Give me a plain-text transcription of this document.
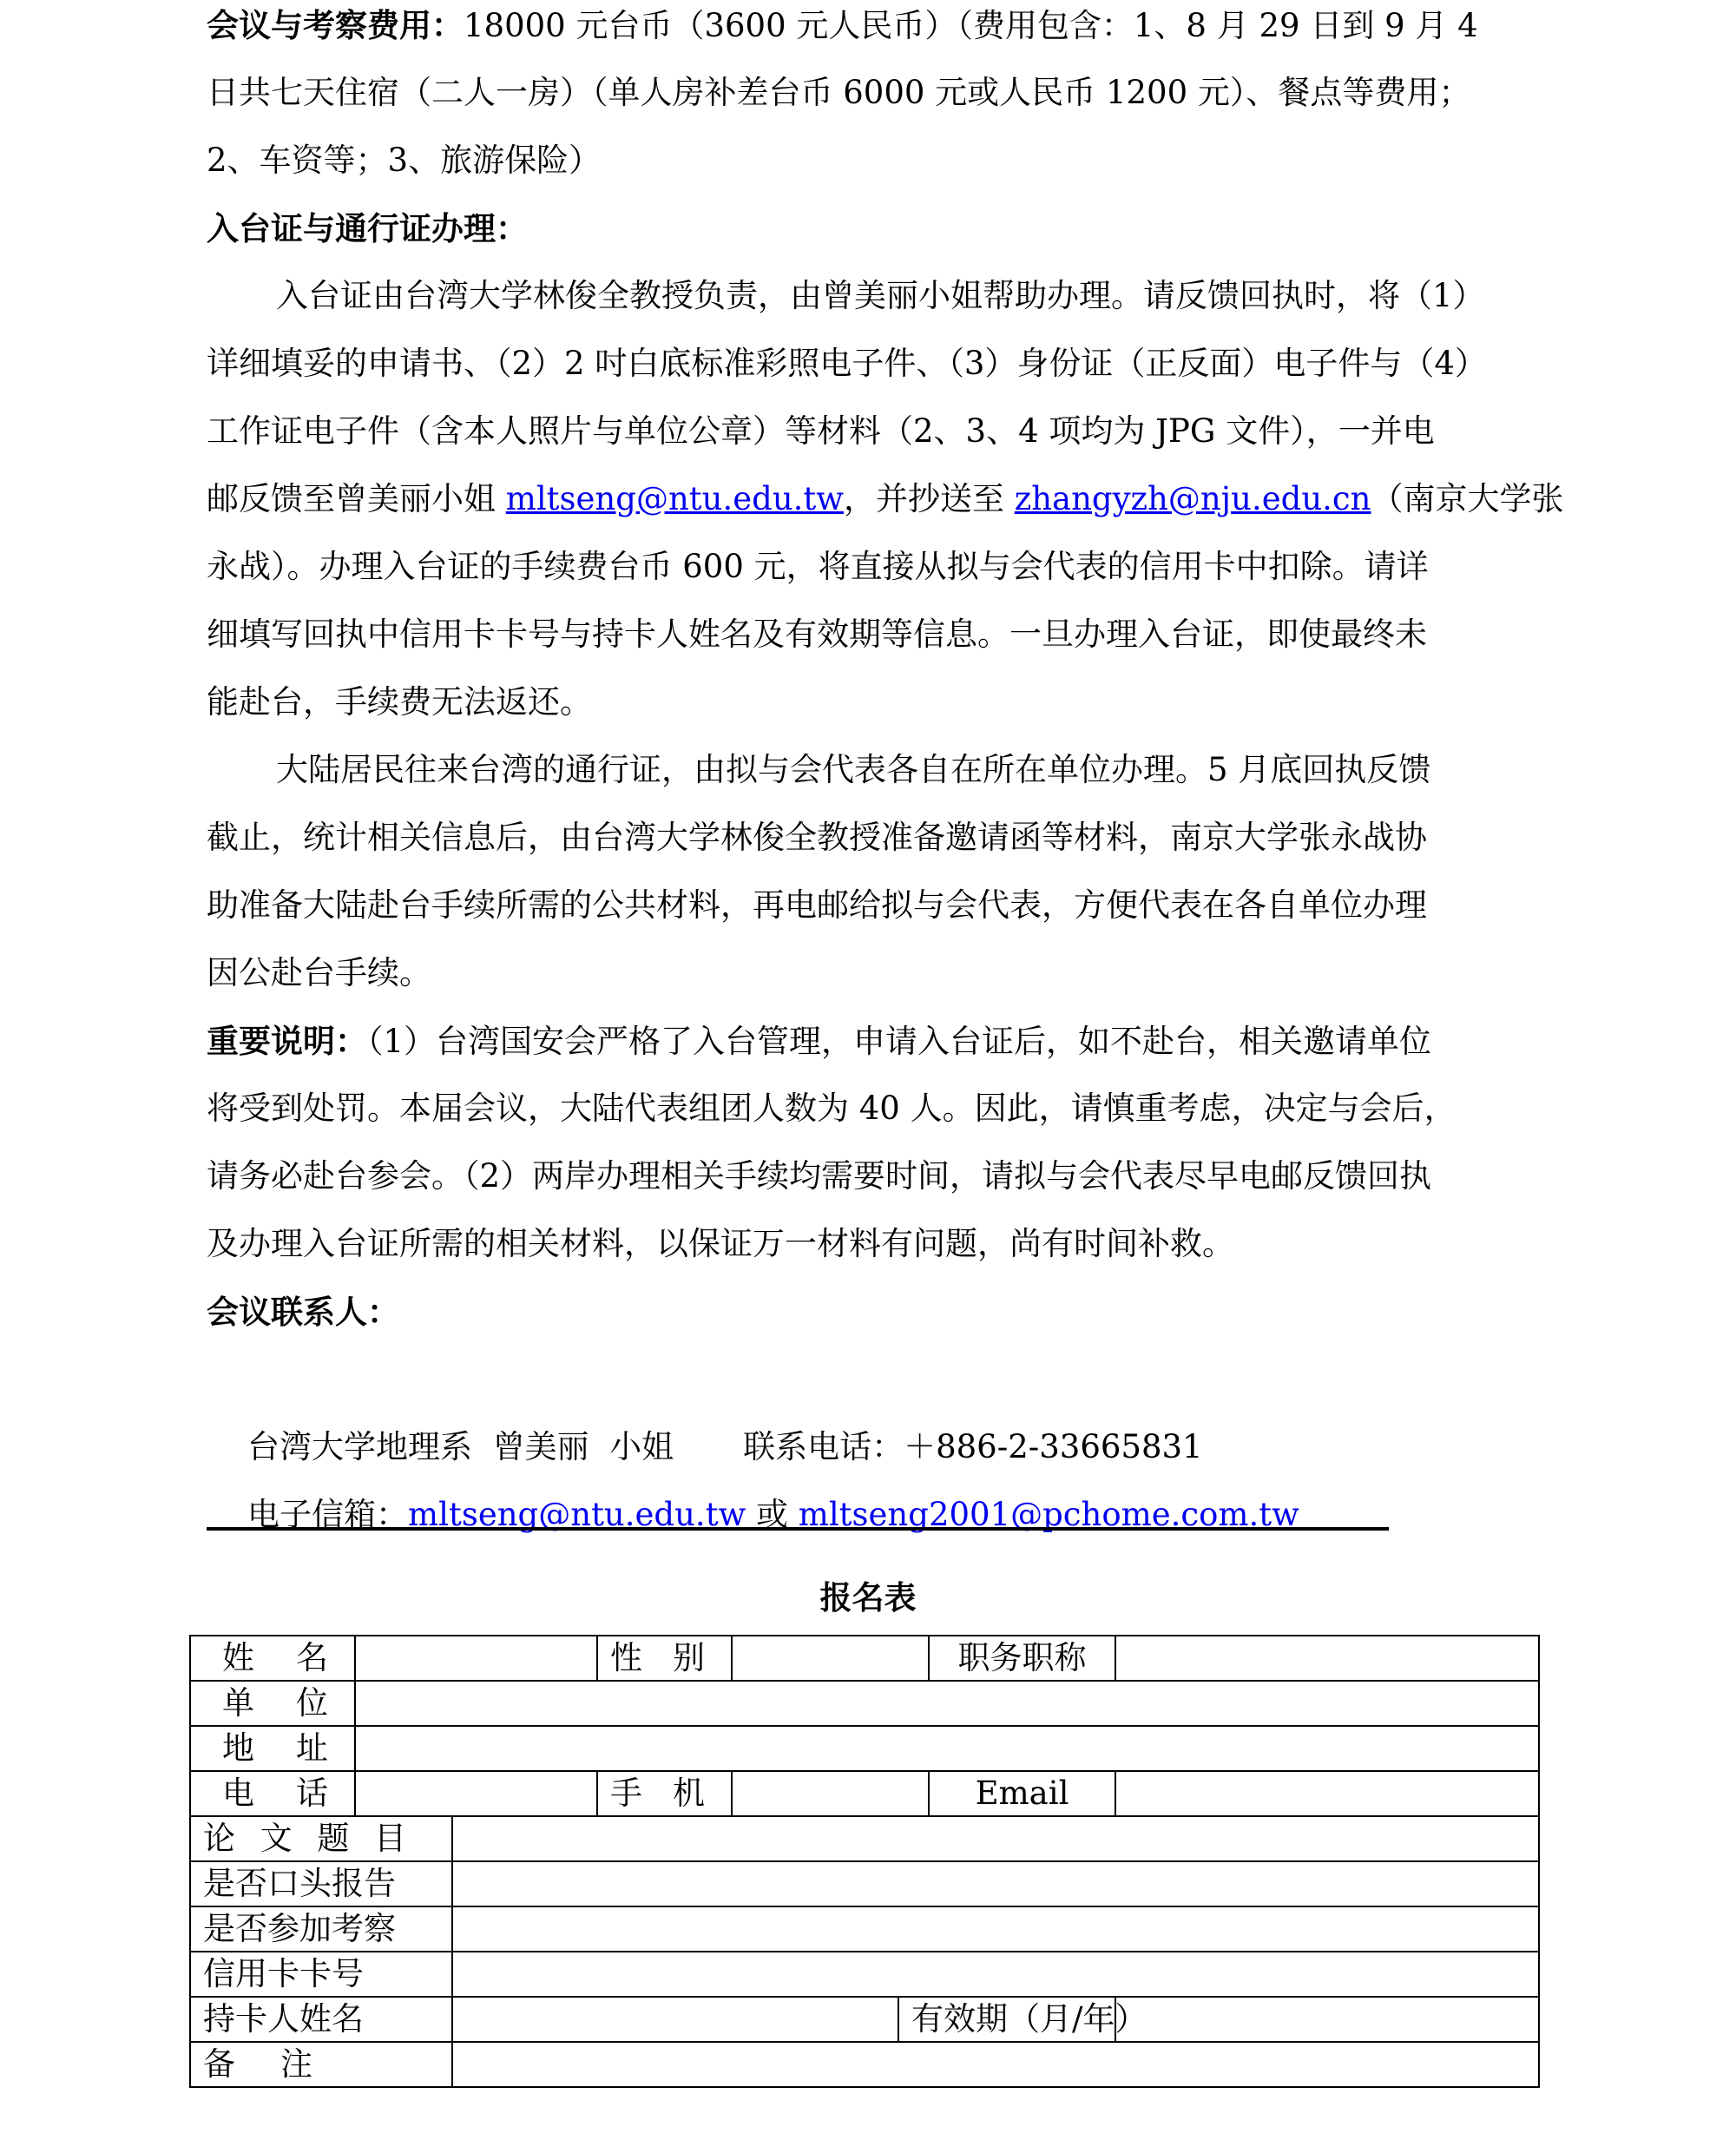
会议与考察费用：18000 元台币（3600 元人民币）（费用包含：1、8 月 29 日到 9 月 4
日共七天住宿（二人一房）（单人房补差台币 6000 元或人民币 1200 元）、餐点等费用；
2、车资等；3、旅游保险）
入台证与通行证办理：
入台证由台湾大学林俊全教授负责，由曾美丽小姐帮助办理。请反馈回执时，将（1）
详细填妥的申请书、（2）2 吋白底标准彩照电子件、（3）身份证（正反面）电子件与（4）
工作证电子件（含本人照片与单位公章）等材料（2、3、4 项均为 JPG 文件），一并电
邮反馈至曾美丽小姐 mltseng@ntu.edu.tw，并抄送至 zhangyzh@nju.edu.cn（南京大学张
永战）。办理入台证的手续费台币 600 元，将直接从拟与会代表的信用卡中扣除。请详
细填写回执中信用卡卡号与持卡人姓名及有效期等信息。一旦办理入台证，即使最终未
能赴台，手续费无法返还。
大陆居民往来台湾的通行证，由拟与会代表各自在所在单位办理。5 月底回执反馈
截止，统计相关信息后，由台湾大学林俊全教授准备邀请函等材料，南京大学张永战协
助准备大陆赴台手续所需的公共材料，再电邮给拟与会代表，方便代表在各自单位办理
因公赴台手续。
重要说明：（1）台湾国安会严格了入台管理，申请入台证后，如不赴台，相关邀请单位
将受到处罚。本届会议，大陆代表组团人数为 40 人。因此，请慎重考虑，决定与会后，
请务必赴台参会。（2）两岸办理相关手续均需要时间，请拟与会代表尽早电邮反馈回执
及办理入台证所需的相关材料，以保证万一材料有问题，尚有时间补救。
会议联系人：

台湾大学地理系  曾美丽  小姐 联系电话：＋886-2-33665831

电子信箱：mltseng@ntu.edu.tw 或 mltseng2001@pchome.com.tw

报名表
姓 名			性 别			职务职称	

单 位							

地 址							

电 话			手 机			Email	

论 文 题 目							

是否口头报告							
是否参加考察							
信用卡卡号							
持卡人姓名					有效期（月/年）		

备 注							
